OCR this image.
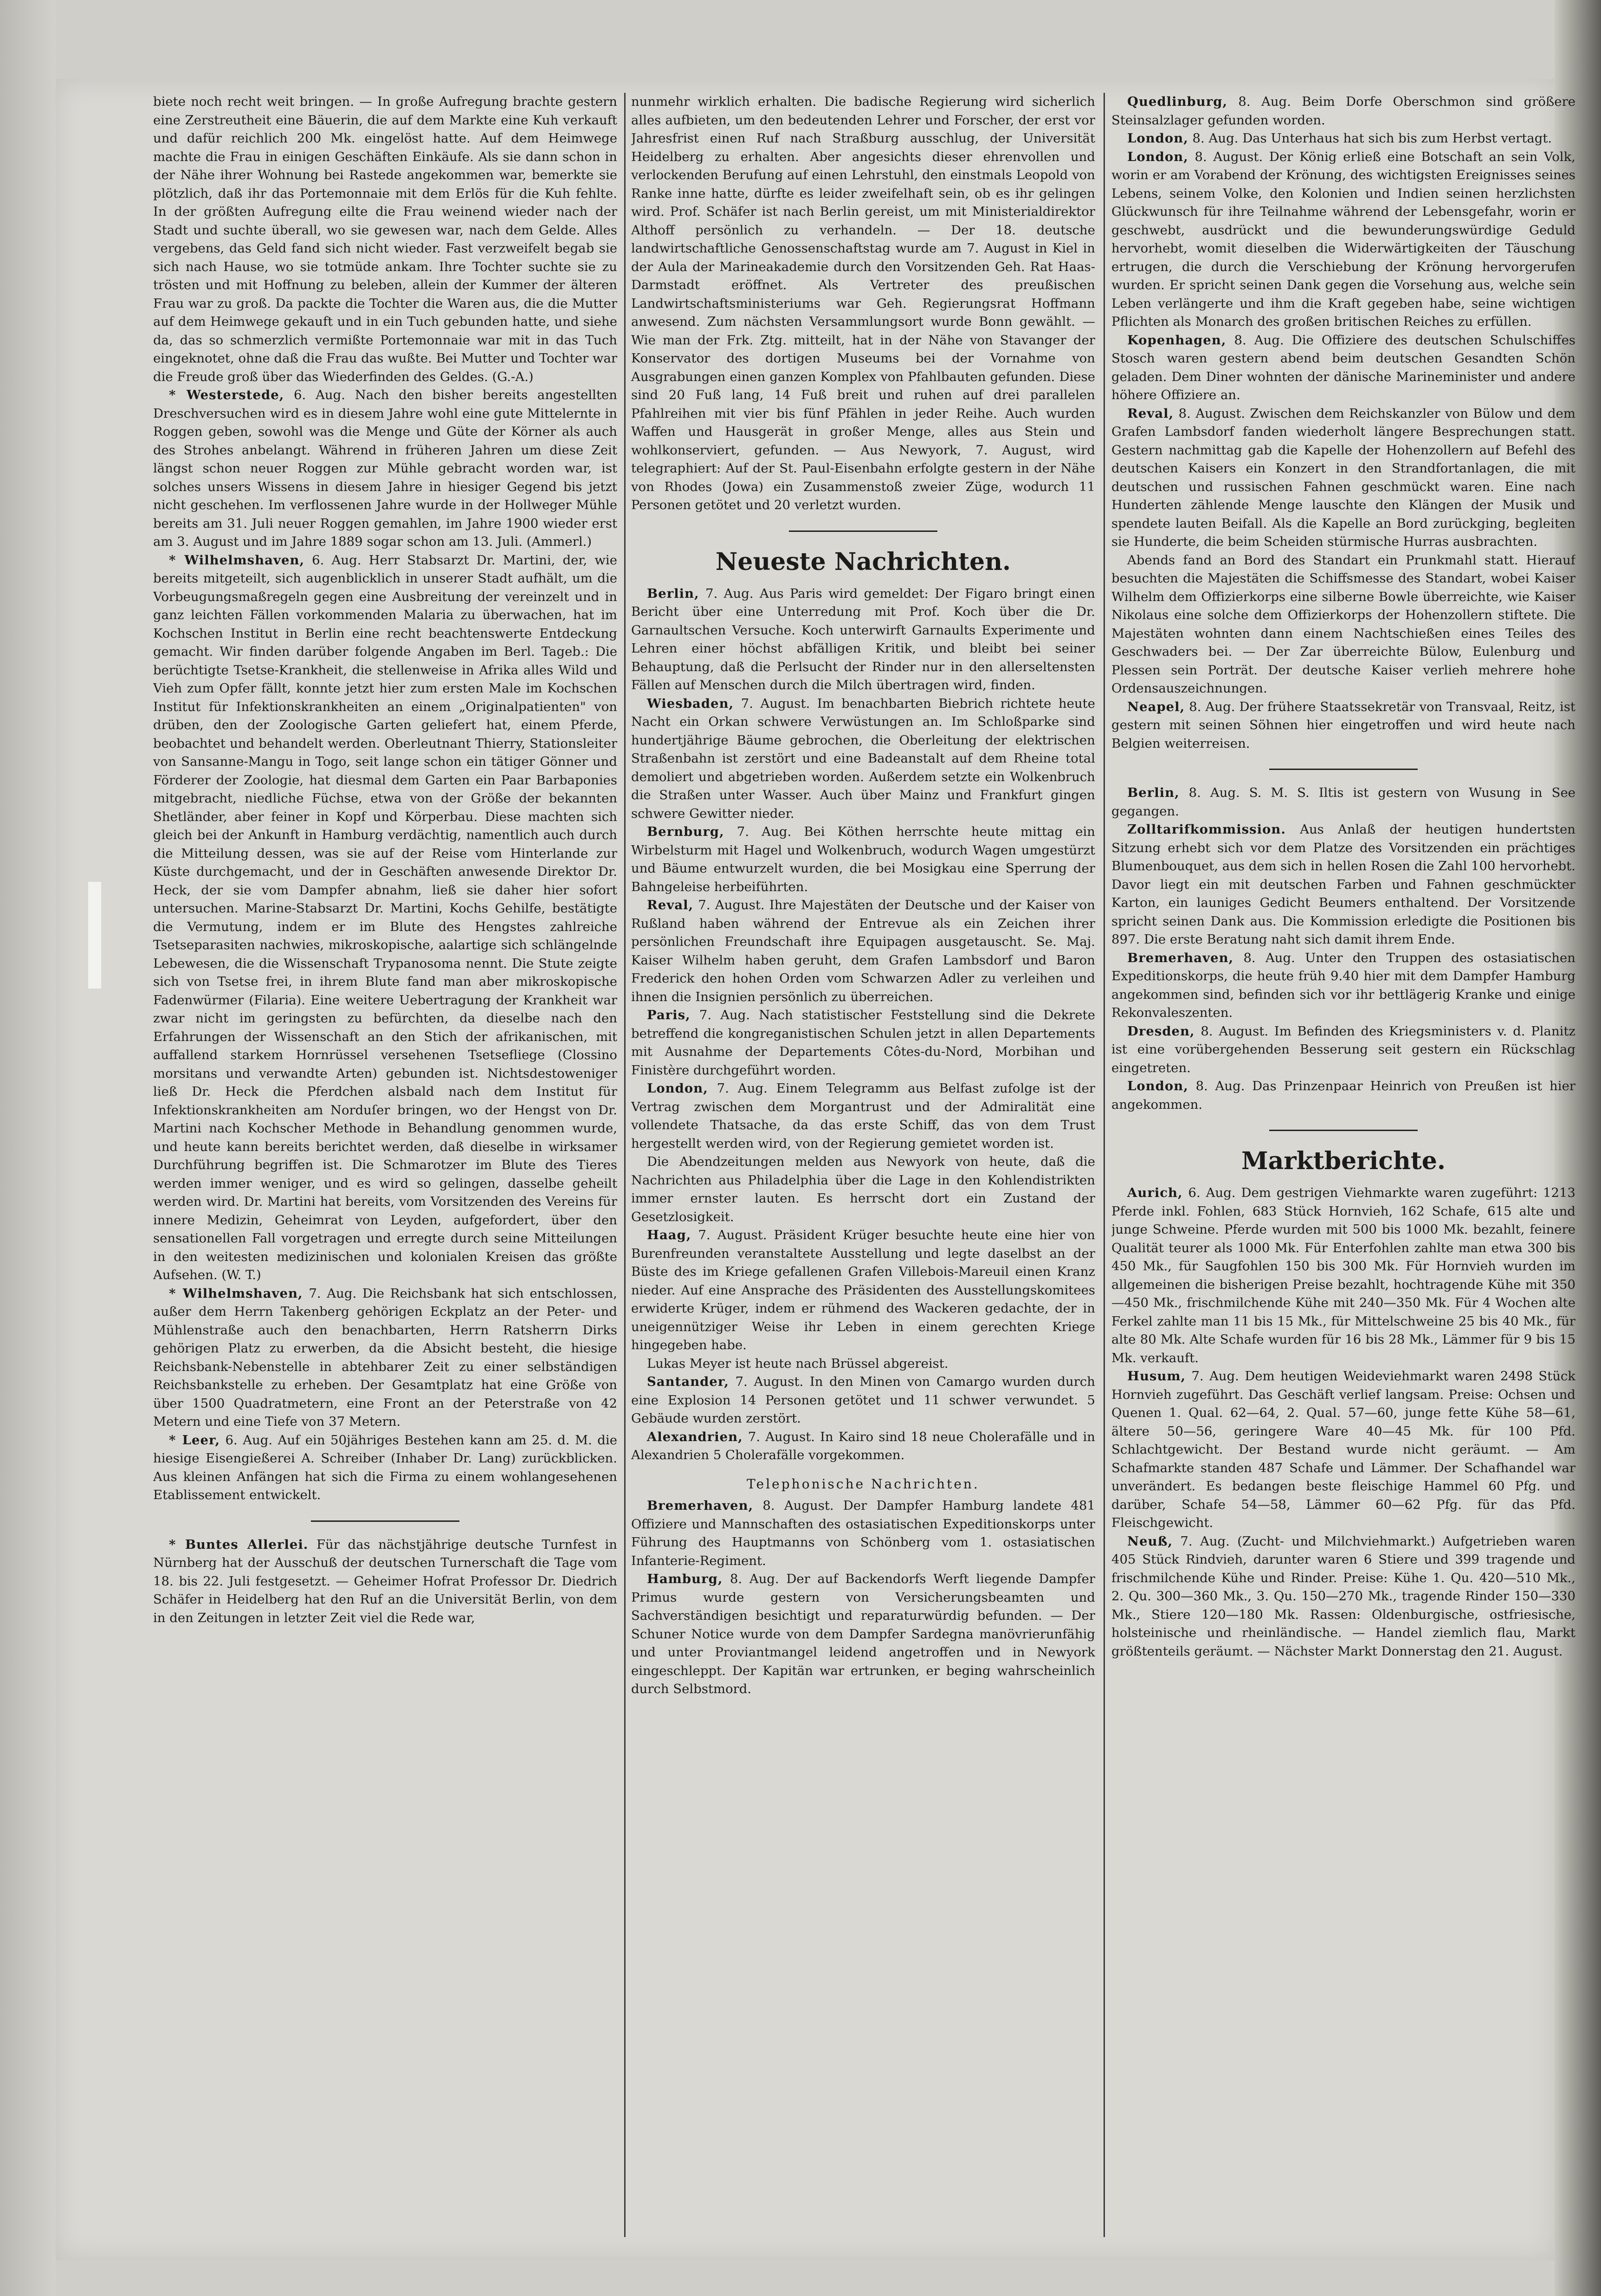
biete noch recht weit bringen. — In große Aufregung brachte gestern eine Zerstreutheit eine Bäuerin, die auf dem Markte eine Kuh verkauft und dafür reichlich 200 Mk. eingelöst hatte. Auf dem Heimwege machte die Frau in einigen Geschäften Einkäufe. Als sie dann schon in der Nähe ihrer Wohnung bei Rastede angekommen war, bemerkte sie plötzlich, daß ihr das Portemonnaie mit dem Erlös für die Kuh fehlte. In der größten Aufregung eilte die Frau weinend wieder nach der Stadt und suchte überall, wo sie gewesen war, nach dem Gelde. Alles vergebens, das Geld fand sich nicht wieder. Fast verzweifelt begab sie sich nach Hause, wo sie totmüde ankam. Ihre Tochter suchte sie zu trösten und mit Hoffnung zu beleben, allein der Kummer der älteren Frau war zu groß. Da packte die Tochter die Waren aus, die die Mutter auf dem Heimwege gekauft und in ein Tuch gebunden hatte, und siehe da, das so schmerzlich vermißte Portemonnaie war mit in das Tuch eingeknotet, ohne daß die Frau das wußte. Bei Mutter und Tochter war die Freude groß über das Wiederfinden des Geldes. (G.-A.)

* Westerstede, 6. Aug. Nach den bisher bereits angestellten Dreschversuchen wird es in diesem Jahre wohl eine gute Mittelernte in Roggen geben, sowohl was die Menge und Güte der Körner als auch des Strohes anbelangt. Während in früheren Jahren um diese Zeit längst schon neuer Roggen zur Mühle gebracht worden war, ist solches unsers Wissens in diesem Jahre in hiesiger Gegend bis jetzt nicht geschehen. Im verflossenen Jahre wurde in der Hollweger Mühle bereits am 31. Juli neuer Roggen gemahlen, im Jahre 1900 wieder erst am 3. August und im Jahre 1889 sogar schon am 13. Juli. (Ammerl.)

* Wilhelmshaven, 6. Aug. Herr Stabsarzt Dr. Martini, der, wie bereits mitgeteilt, sich augenblicklich in unserer Stadt aufhält, um die Vorbeugungsmaßregeln gegen eine Ausbreitung der vereinzelt und in ganz leichten Fällen vorkommenden Malaria zu überwachen, hat im Kochschen Institut in Berlin eine recht beachtenswerte Entdeckung gemacht. Wir finden darüber folgende Angaben im Berl. Tageb.: Die berüchtigte Tsetse-Krankheit, die stellenweise in Afrika alles Wild und Vieh zum Opfer fällt, konnte jetzt hier zum ersten Male im Kochschen Institut für Infektionskrankheiten an einem „Originalpatienten" von drüben, den der Zoologische Garten geliefert hat, einem Pferde, beobachtet und behandelt werden. Oberleutnant Thierry, Stationsleiter von Sansanne-Mangu in Togo, seit lange schon ein tätiger Gönner und Förderer der Zoologie, hat diesmal dem Garten ein Paar Barbaponies mitgebracht, niedliche Füchse, etwa von der Größe der bekannten Shetländer, aber feiner in Kopf und Körperbau. Diese machten sich gleich bei der Ankunft in Hamburg verdächtig, namentlich auch durch die Mitteilung dessen, was sie auf der Reise vom Hinterlande zur Küste durchgemacht, und der in Geschäften anwesende Direktor Dr. Heck, der sie vom Dampfer abnahm, ließ sie daher hier sofort untersuchen. Marine-Stabsarzt Dr. Martini, Kochs Gehilfe, bestätigte die Vermutung, indem er im Blute des Hengstes zahlreiche Tsetseparasiten nachwies, mikroskopische, aalartige sich schlängelnde Lebewesen, die die Wissenschaft Trypanosoma nennt. Die Stute zeigte sich von Tsetse frei, in ihrem Blute fand man aber mikroskopische Fadenwürmer (Filaria). Eine weitere Uebertragung der Krankheit war zwar nicht im geringsten zu befürchten, da dieselbe nach den Erfahrungen der Wissenschaft an den Stich der afrikanischen, mit auffallend starkem Hornrüssel versehenen Tsetsefliege (Clossino morsitans und verwandte Arten) gebunden ist. Nichtsdestoweniger ließ Dr. Heck die Pferdchen alsbald nach dem Institut für Infektionskrankheiten am Norduſer bringen, wo der Hengst von Dr. Martini nach Kochscher Methode in Behandlung genommen wurde, und heute kann bereits berichtet werden, daß dieselbe in wirksamer Durchführung begriffen ist. Die Schmarotzer im Blute des Tieres werden immer weniger, und es wird so gelingen, dasselbe geheilt werden wird. Dr. Martini hat bereits, vom Vorsitzenden des Vereins für innere Medizin, Geheimrat von Leyden, aufgefordert, über den sensationellen Fall vorgetragen und erregte durch seine Mitteilungen in den weitesten medizinischen und kolonialen Kreisen das größte Aufsehen. (W. T.)

* Wilhelmshaven, 7. Aug. Die Reichsbank hat sich entschlossen, außer dem Herrn Takenberg gehörigen Eckplatz an der Peter- und Mühlenstraße auch den benachbarten, Herrn Ratsherrn Dirks gehörigen Platz zu erwerben, da die Absicht besteht, die hiesige Reichsbank-Nebenstelle in abtehbarer Zeit zu einer selbständigen Reichsbankstelle zu erheben. Der Gesamtplatz hat eine Größe von über 1500 Quadratmetern, eine Front an der Peterstraße von 42 Metern und eine Tiefe von 37 Metern.

* Leer, 6. Aug. Auf ein 50jähriges Bestehen kann am 25. d. M. die hiesige Eisengießerei A. Schreiber (Inhaber Dr. Lang) zurückblicken. Aus kleinen Anfängen hat sich die Firma zu einem wohlangesehenen Etablissement entwickelt.

* Buntes Allerlei. Für das nächstjährige deutsche Turnfest in Nürnberg hat der Ausschuß der deutschen Turnerschaft die Tage vom 18. bis 22. Juli festgesetzt. — Geheimer Hofrat Professor Dr. Diedrich Schäfer in Heidelberg hat den Ruf an die Universität Berlin, von dem in den Zeitungen in letzter Zeit viel die Rede war,

nunmehr wirklich erhalten. Die badische Regierung wird sicherlich alles aufbieten, um den bedeutenden Lehrer und Forscher, der erst vor Jahresfrist einen Ruf nach Straßburg ausschlug, der Universität Heidelberg zu erhalten. Aber angesichts dieser ehrenvollen und verlockenden Berufung auf einen Lehrstuhl, den einstmals Leopold von Ranke inne hatte, dürfte es leider zweifelhaft sein, ob es ihr gelingen wird. Prof. Schäfer ist nach Berlin gereist, um mit Ministerialdirektor Althoff persönlich zu verhandeln. — Der 18. deutsche landwirtschaftliche Genossenschaftstag wurde am 7. August in Kiel in der Aula der Marineakademie durch den Vorsitzenden Geh. Rat Haas-Darmstadt eröffnet. Als Vertreter des preußischen Landwirtschaftsministeriums war Geh. Regierungsrat Hoffmann anwesend. Zum nächsten Versammlungsort wurde Bonn gewählt. — Wie man der Frk. Ztg. mitteilt, hat in der Nähe von Stavanger der Konservator des dortigen Museums bei der Vornahme von Ausgrabungen einen ganzen Komplex von Pfahlbauten gefunden. Diese sind 20 Fuß lang, 14 Fuß breit und ruhen auf drei parallelen Pfahlreihen mit vier bis fünf Pfählen in jeder Reihe. Auch wurden Waffen und Hausgerät in großer Menge, alles aus Stein und wohlkonserviert, gefunden. — Aus Newyork, 7. August, wird telegraphiert: Auf der St. Paul-Eisenbahn erfolgte gestern in der Nähe von Rhodes (Jowa) ein Zusammenstoß zweier Züge, wodurch 11 Personen getötet und 20 verletzt wurden.

Neueste Nachrichten.

Berlin, 7. Aug. Aus Paris wird gemeldet: Der Figaro bringt einen Bericht über eine Unterredung mit Prof. Koch über die Dr. Garnaultschen Versuche. Koch unterwirft Garnaults Experimente und Lehren einer höchst abfälligen Kritik, und bleibt bei seiner Behauptung, daß die Perlsucht der Rinder nur in den allerseltensten Fällen auf Menschen durch die Milch übertragen wird, finden.

Wiesbaden, 7. August. Im benachbarten Biebrich richtete heute Nacht ein Orkan schwere Verwüstungen an. Im Schloßparke sind hundertjährige Bäume gebrochen, die Oberleitung der elektrischen Straßenbahn ist zerstört und eine Badeanstalt auf dem Rheine total demoliert und abgetrieben worden. Außerdem setzte ein Wolkenbruch die Straßen unter Wasser. Auch über Mainz und Frankfurt gingen schwere Gewitter nieder.

Bernburg, 7. Aug. Bei Köthen herrschte heute mittag ein Wirbelsturm mit Hagel und Wolkenbruch, wodurch Wagen umgestürzt und Bäume entwurzelt wurden, die bei Mosigkau eine Sperrung der Bahngeleise herbeiführten.

Reval, 7. August. Ihre Majestäten der Deutsche und der Kaiser von Rußland haben während der Entrevue als ein Zeichen ihrer persönlichen Freundschaft ihre Equipagen ausgetauscht. Se. Maj. Kaiser Wilhelm haben geruht, dem Grafen Lambsdorf und Baron Frederick den hohen Orden vom Schwarzen Adler zu verleihen und ihnen die Insignien persönlich zu überreichen.

Paris, 7. Aug. Nach statistischer Feststellung sind die Dekrete betreffend die kongreganistischen Schulen jetzt in allen Departements mit Ausnahme der Departements Côtes-du-Nord, Morbihan und Finistère durchgeführt worden.

London, 7. Aug. Einem Telegramm aus Belfast zufolge ist der Vertrag zwischen dem Morgantrust und der Admiralität eine vollendete Thatsache, da das erste Schiff, das von dem Trust hergestellt werden wird, von der Regierung gemietet worden ist.

Die Abendzeitungen melden aus Newyork von heute, daß die Nachrichten aus Philadelphia über die Lage in den Kohlendistrikten immer ernster lauten. Es herrscht dort ein Zustand der Gesetzlosigkeit.

Haag, 7. August. Präsident Krüger besuchte heute eine hier von Burenfreunden veranstaltete Ausstellung und legte daselbst an der Büste des im Kriege gefallenen Grafen Villebois-Mareuil einen Kranz nieder. Auf eine Ansprache des Präsidenten des Ausstellungskomitees erwiderte Krüger, indem er rühmend des Wackeren gedachte, der in uneigennütziger Weise ihr Leben in einem gerechten Kriege hingegeben habe.

Lukas Meyer ist heute nach Brüssel abgereist.

Santander, 7. August. In den Minen von Camargo wurden durch eine Explosion 14 Personen getötet und 11 schwer verwundet. 5 Gebäude wurden zerstört.

Alexandrien, 7. August. In Kairo sind 18 neue Cholerafälle und in Alexandrien 5 Cholerafälle vorgekommen.

Telephonische Nachrichten.

Bremerhaven, 8. August. Der Dampfer Hamburg landete 481 Offiziere und Mannschaften des ostasiatischen Expeditionskorps unter Führung des Hauptmanns von Schönberg vom 1. ostasiatischen Infanterie-Regiment.

Hamburg, 8. Aug. Der auf Backendorfs Werft liegende Dampfer Primus wurde gestern von Versicherungsbeamten und Sachverständigen besichtigt und reparaturwürdig befunden. — Der Schuner Notice wurde von dem Dampfer Sardegna manövrierunfähig und unter Proviantmangel leidend angetroffen und in Newyork eingeschleppt. Der Kapitän war ertrunken, er beging wahrscheinlich durch Selbstmord.

Quedlinburg, 8. Aug. Beim Dorfe Oberschmon sind größere Steinsalzlager gefunden worden.

London, 8. Aug. Das Unterhaus hat sich bis zum Herbst vertagt.

London, 8. August. Der König erließ eine Botschaft an sein Volk, worin er am Vorabend der Krönung, des wichtigsten Ereignisses seines Lebens, seinem Volke, den Kolonien und Indien seinen herzlichsten Glückwunsch für ihre Teilnahme während der Lebensgefahr, worin er geschwebt, ausdrückt und die bewunderungswürdige Geduld hervorhebt, womit dieselben die Widerwärtigkeiten der Täuschung ertrugen, die durch die Verschiebung der Krönung hervorgerufen wurden. Er spricht seinen Dank gegen die Vorsehung aus, welche sein Leben verlängerte und ihm die Kraft gegeben habe, seine wichtigen Pflichten als Monarch des großen britischen Reiches zu erfüllen.

Kopenhagen, 8. Aug. Die Offiziere des deutschen Schulschiffes Stosch waren gestern abend beim deutschen Gesandten Schön geladen. Dem Diner wohnten der dänische Marineminister und andere höhere Offiziere an.

Reval, 8. August. Zwischen dem Reichskanzler von Bülow und dem Grafen Lambsdorf fanden wiederholt längere Besprechungen statt. Gestern nachmittag gab die Kapelle der Hohenzollern auf Befehl des deutschen Kaisers ein Konzert in den Strandfortanlagen, die mit deutschen und russischen Fahnen geschmückt waren. Eine nach Hunderten zählende Menge lauschte den Klängen der Musik und spendete lauten Beifall. Als die Kapelle an Bord zurückging, begleiten sie Hunderte, die beim Scheiden stürmische Hurras ausbrachten.

Abends fand an Bord des Standart ein Prunkmahl statt. Hierauf besuchten die Majestäten die Schiffsmesse des Standart, wobei Kaiser Wilhelm dem Offizierkorps eine silberne Bowle überreichte, wie Kaiser Nikolaus eine solche dem Offizierkorps der Hohenzollern stiftete. Die Majestäten wohnten dann einem Nachtschießen eines Teiles des Geschwaders bei. — Der Zar überreichte Bülow, Eulenburg und Plessen sein Porträt. Der deutsche Kaiser verlieh mehrere hohe Ordensauszeichnungen.

Neapel, 8. Aug. Der frühere Staatssekretär von Transvaal, Reitz, ist gestern mit seinen Söhnen hier eingetroffen und wird heute nach Belgien weiterreisen.

Berlin, 8. Aug. S. M. S. Iltis ist gestern von Wusung in See gegangen.

Zolltarifkommission. Aus Anlaß der heutigen hundertsten Sitzung erhebt sich vor dem Platze des Vorsitzenden ein prächtiges Blumenbouquet, aus dem sich in hellen Rosen die Zahl 100 hervorhebt. Davor liegt ein mit deutschen Farben und Fahnen geschmückter Karton, ein launiges Gedicht Beumers enthaltend. Der Vorsitzende spricht seinen Dank aus. Die Kommission erledigte die Positionen bis 897. Die erste Beratung naht sich damit ihrem Ende.

Bremerhaven, 8. Aug. Unter den Truppen des ostasiatischen Expeditionskorps, die heute früh 9.40 hier mit dem Dampfer Hamburg angekommen sind, befinden sich vor ihr bettlägerig Kranke und einige Rekonvaleszenten.

Dresden, 8. August. Im Befinden des Kriegsministers v. d. Planitz ist eine vorübergehenden Besserung seit gestern ein Rückschlag eingetreten.

London, 8. Aug. Das Prinzenpaar Heinrich von Preußen ist hier angekommen.

Marktberichte.

Aurich, 6. Aug. Dem gestrigen Viehmarkte waren zugeführt: 1213 Pferde inkl. Fohlen, 683 Stück Hornvieh, 162 Schafe, 615 alte und junge Schweine. Pferde wurden mit 500 bis 1000 Mk. bezahlt, feinere Qualität teurer als 1000 Mk. Für Enterfohlen zahlte man etwa 300 bis 450 Mk., für Saugfohlen 150 bis 300 Mk. Für Hornvieh wurden im allgemeinen die bisherigen Preise bezahlt, hochtragende Kühe mit 350—450 Mk., frischmilchende Kühe mit 240—350 Mk. Für 4 Wochen alte Ferkel zahlte man 11 bis 15 Mk., für Mittelschweine 25 bis 40 Mk., für alte 80 Mk. Alte Schafe wurden für 16 bis 28 Mk., Lämmer für 9 bis 15 Mk. verkauft.

Husum, 7. Aug. Dem heutigen Weideviehmarkt waren 2498 Stück Hornvieh zugeführt. Das Geschäft verlief langsam. Preise: Ochsen und Quenen 1. Qual. 62—64, 2. Qual. 57—60, junge fette Kühe 58—61, ältere 50—56, geringere Ware 40—45 Mk. für 100 Pfd. Schlachtgewicht. Der Bestand wurde nicht geräumt. — Am Schafmarkte standen 487 Schafe und Lämmer. Der Schafhandel war unverändert. Es bedangen beste fleischige Hammel 60 Pfg. und darüber, Schafe 54—58, Lämmer 60—62 Pfg. für das Pfd. Fleischgewicht.

Neuß, 7. Aug. (Zucht- und Milchviehmarkt.) Aufgetrieben waren 405 Stück Rindvieh, darunter waren 6 Stiere und 399 tragende und frischmilchende Kühe und Rinder. Preise: Kühe 1. Qu. 420—510 Mk., 2. Qu. 300—360 Mk., 3. Qu. 150—270 Mk., tragende Rinder 150—330 Mk., Stiere 120—180 Mk. Rassen: Oldenburgische, ostfriesische, holsteinische und rheinländische. — Handel ziemlich flau, Markt größtenteils geräumt. — Nächster Markt Donnerstag den 21. August.
